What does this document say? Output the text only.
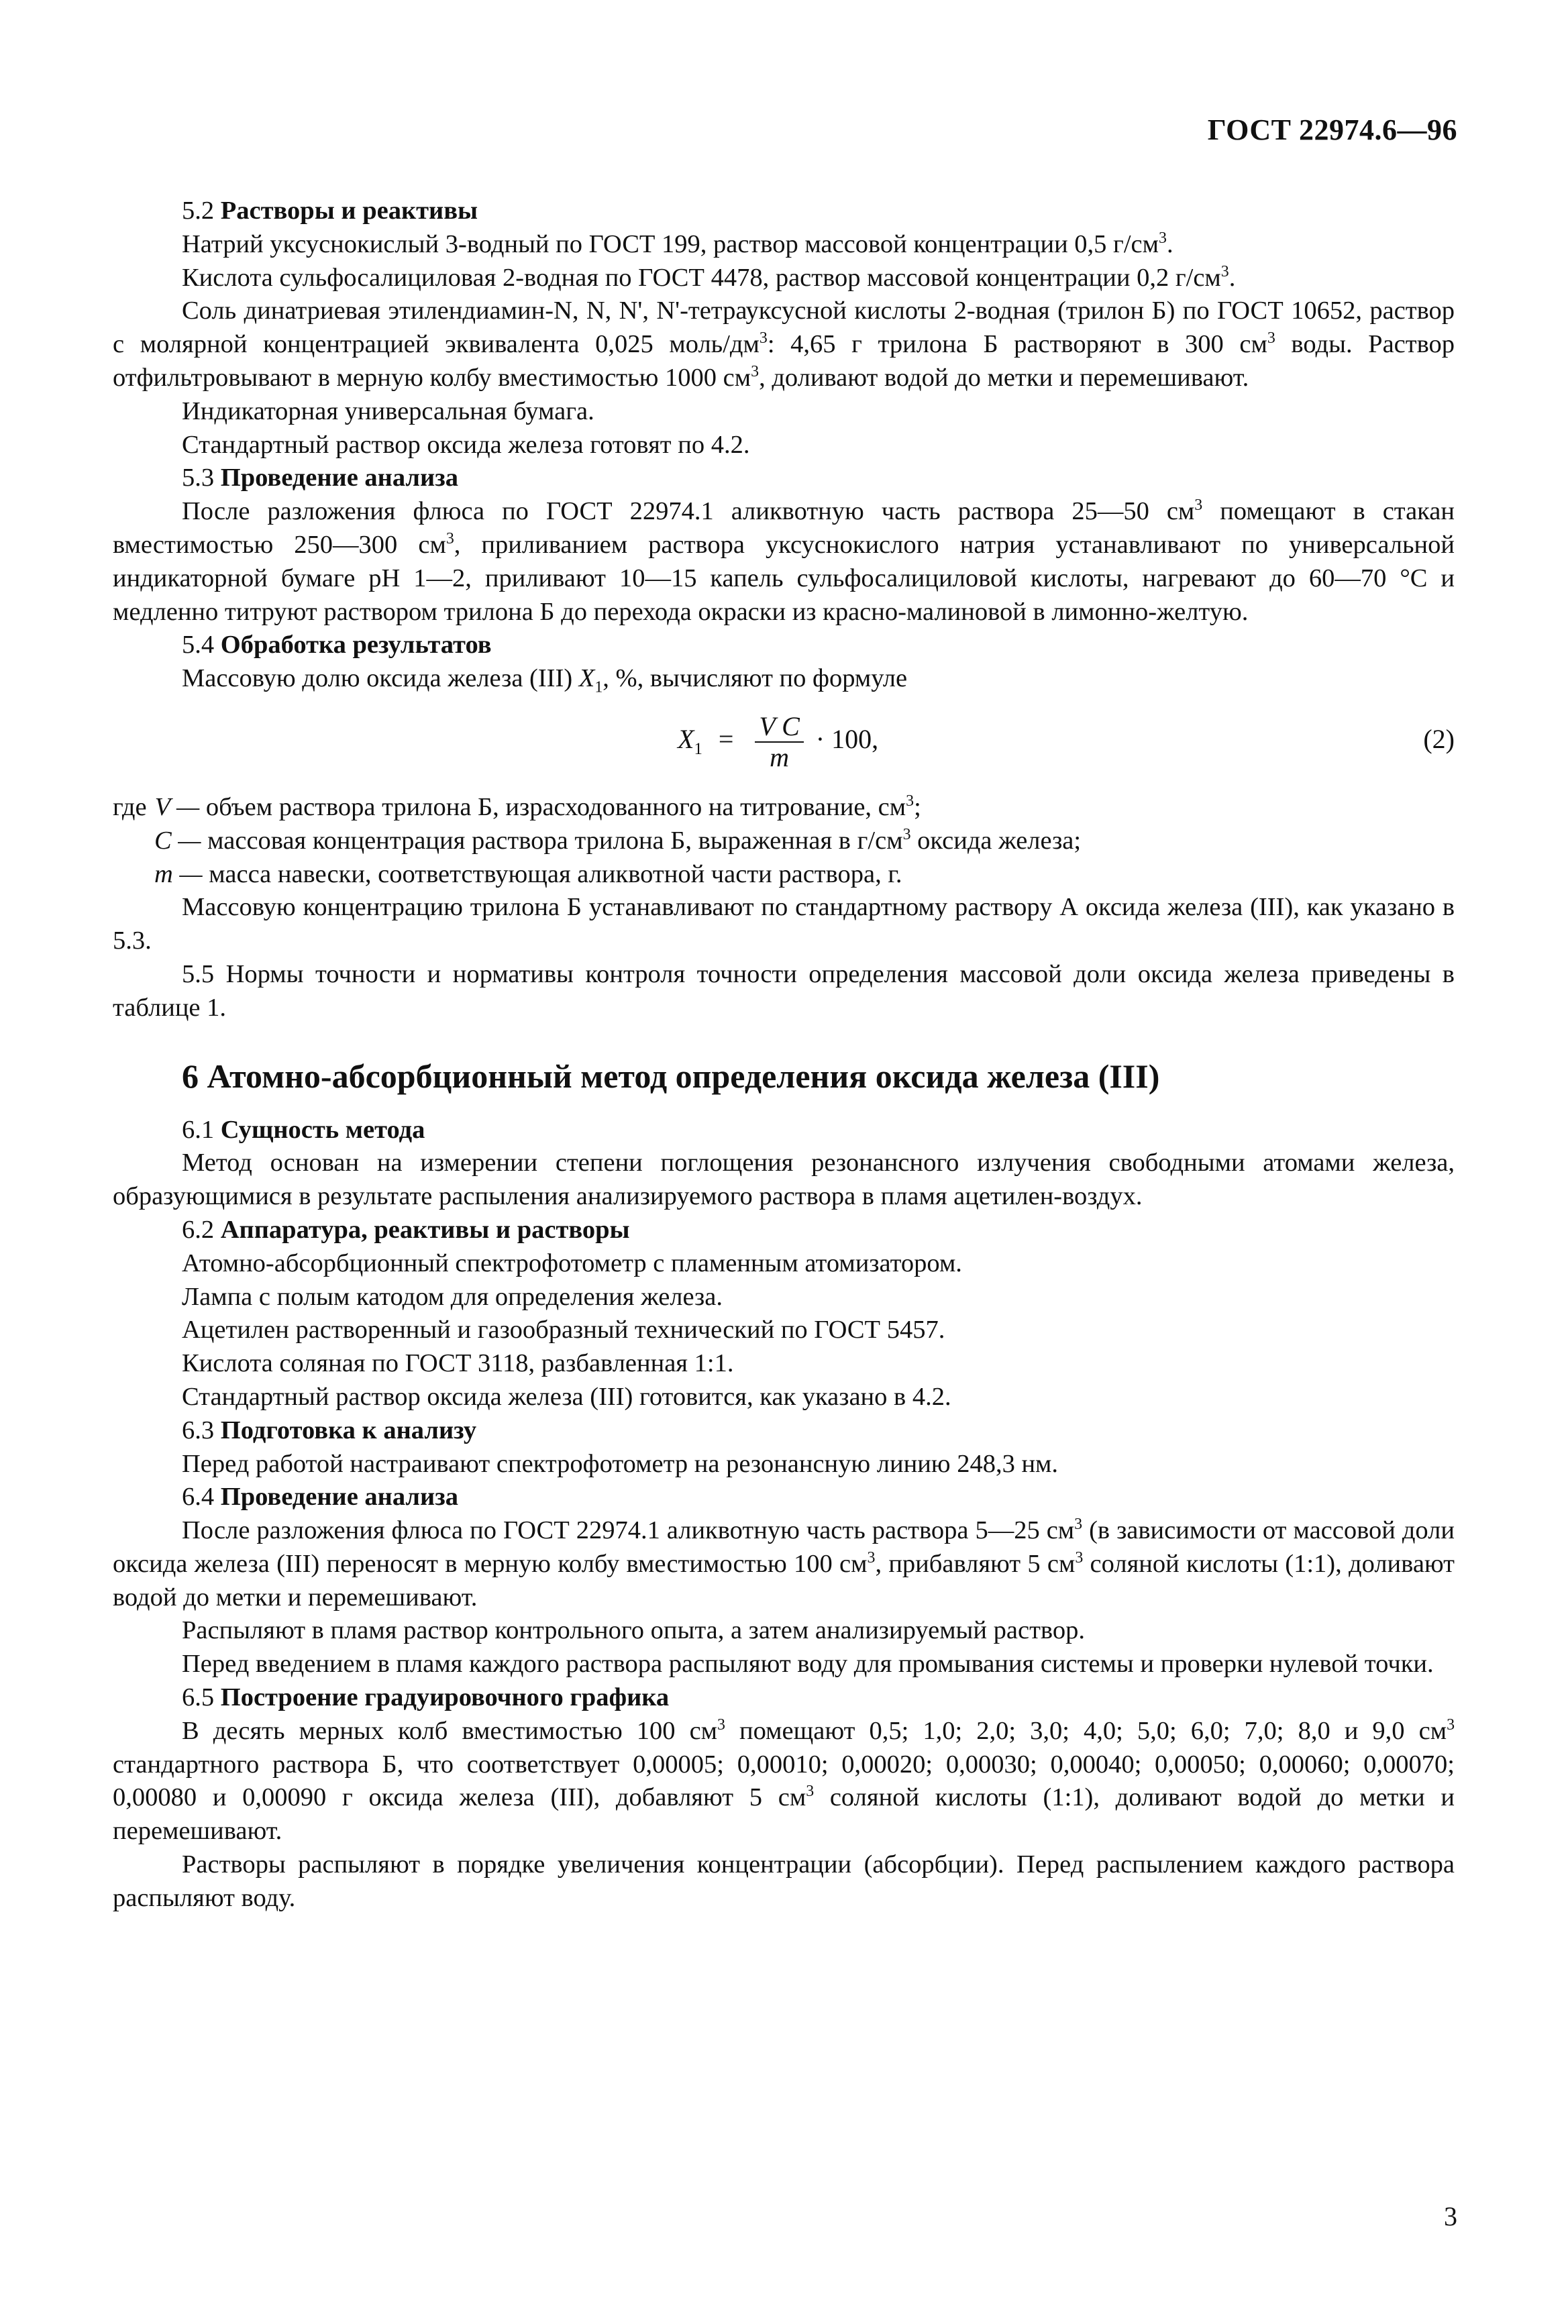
ГОСТ 22974.6—96

5.2 Растворы и реактивы

Натрий уксуснокислый 3-водный по ГОСТ 199, раствор массовой концентрации 0,5 $г/см^3$.

Кислота сульфосалициловая 2-водная по ГОСТ 4478, раствор массовой концентрации 0,2 $г/см^3$.

Соль динатриевая этилендиамин-N, N, N', N'-тетрауксусной кислоты 2-водная (трилон Б) по ГОСТ 10652, раствор с молярной концентрацией эквивалента 0,025 моль/$дм^3$: 4,65 г трилона Б растворяют в 300 $см^3$ воды. Раствор отфильтровывают в мерную колбу вместимостью 1000 $см^3$, доливают водой до метки и перемешивают.

Индикаторная универсальная бумага.

Стандартный раствор оксида железа готовят по 4.2.

5.3 Проведение анализа

После разложения флюса по ГОСТ 22974.1 аликвотную часть раствора 25—50 $см^3$ помещают в стакан вместимостью 250—300 $см^3$, приливанием раствора уксуснокислого натрия устанавливают по универсальной индикаторной бумаге pH 1—2, приливают 10—15 капель сульфосалициловой кислоты, нагревают до 60—70 °С и медленно титруют раствором трилона Б до перехода окраски из красно-малиновой в лимонно-желтую.

5.4 Обработка результатов

Массовую долю оксида железа (III) $X_1$, %, вычисляют по формуле

$X_1 = \frac{\text{V C}}{m} \cdot 100$,	(2)

где V — объем раствора трилона Б, израсходованного на титрование, $см^3$;

C — массовая концентрация раствора трилона Б, выраженная в $г/см^3$ оксида железа;

m — масса навески, соответствующая аликвотной части раствора, г.

Массовую концентрацию трилона Б устанавливают по стандартному раствору А оксида железа (III), как указано в 5.3.

5.5 Нормы точности и нормативы контроля точности определения массовой доли оксида железа приведены в таблице 1.

6 Атомно-абсорбционный метод определения оксида железа (III)

6.1 Сущность метода

Метод основан на измерении степени поглощения резонансного излучения свободными атомами железа, образующимися в результате распыления анализируемого раствора в пламя ацетилен-воздух.

6.2 Аппаратура, реактивы и растворы

Атомно-абсорбционный спектрофотометр с пламенным атомизатором.

Лампа с полым катодом для определения железа.

Ацетилен растворенный и газообразный технический по ГОСТ 5457.

Кислота соляная по ГОСТ 3118, разбавленная 1:1.

Стандартный раствор оксида железа (III) готовится, как указано в 4.2.

6.3 Подготовка к анализу

Перед работой настраивают спектрофотометр на резонансную линию 248,3 нм.

6.4 Проведение анализа

После разложения флюса по ГОСТ 22974.1 аликвотную часть раствора 5—25 $см^3$ (в зависимости от массовой доли оксида железа (III) переносят в мерную колбу вместимостью 100 $см^3$, прибавляют 5 $см^3$ соляной кислоты (1:1), доливают водой до метки и перемешивают.

Распыляют в пламя раствор контрольного опыта, а затем анализируемый раствор.

Перед введением в пламя каждого раствора распыляют воду для промывания системы и проверки нулевой точки.

6.5 Построение градуировочного графика

В десять мерных колб вместимостью 100 $см^3$ помещают 0,5; 1,0; 2,0; 3,0; 4,0; 5,0; 6,0; 7,0; 8,0 и 9,0 $см^3$ стандартного раствора Б, что соответствует 0,00005; 0,00010; 0,00020; 0,00030; 0,00040; 0,00050; 0,00060; 0,00070; 0,00080 и 0,00090 г оксида железа (III), добавляют 5 $см^3$ соляной кислоты (1:1), доливают водой до метки и перемешивают.

Растворы распыляют в порядке увеличения концентрации (абсорбции). Перед распылением каждого раствора распыляют воду.

3
